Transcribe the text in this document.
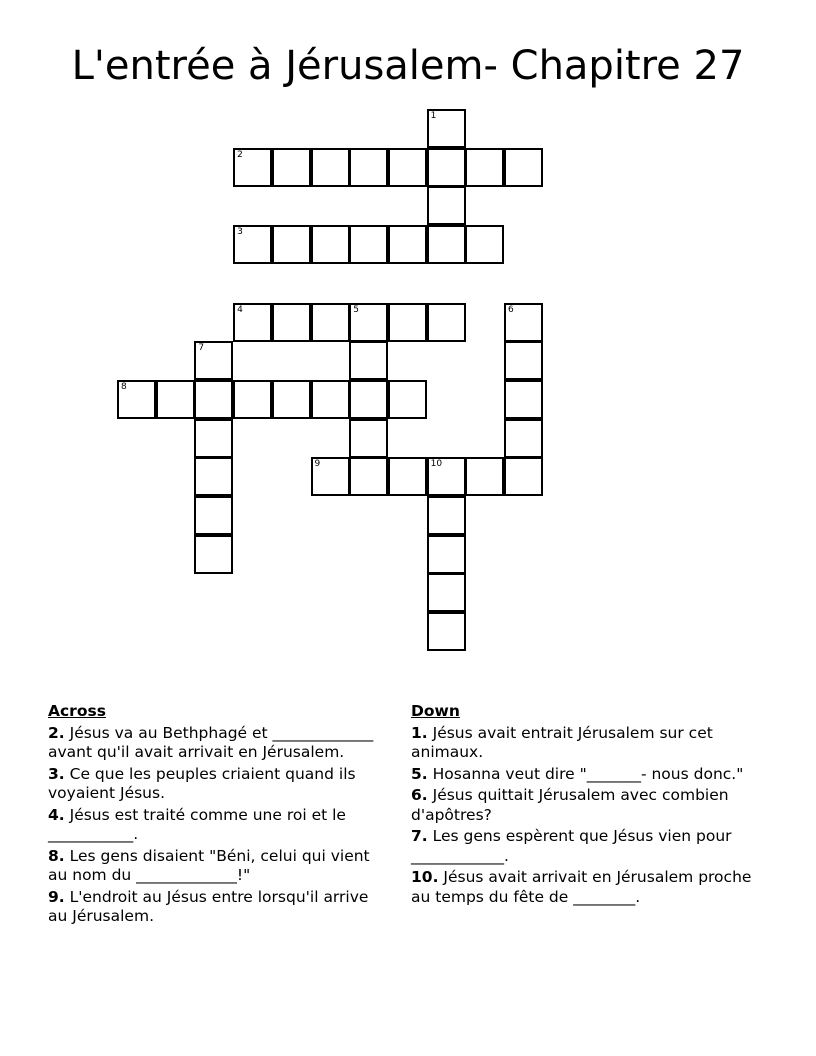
L'entrée à Jérusalem- Chapitre 27
1
2
3
4	5	6
7
8
9	10
Across
2. Jésus va au Bethphagé et _____________ avant qu'il avait arrivait en Jérusalem.
3. Ce que les peuples criaient quand ils voyaient Jésus.
4. Jésus est traité comme une roi et le ___________.
8. Les gens disaient "Béni, celui qui vient au nom du _____________!"
9. L'endroit au Jésus entre lorsqu'il arrive au Jérusalem.
Down
1. Jésus avait entrait Jérusalem sur cet animaux.
5. Hosanna veut dire "_______- nous donc."
6. Jésus quittait Jérusalem avec combien d'apôtres?
7. Les gens espèrent que Jésus vien pour ____________.
10. Jésus avait arrivait en Jérusalem proche au temps du fête de ________.
